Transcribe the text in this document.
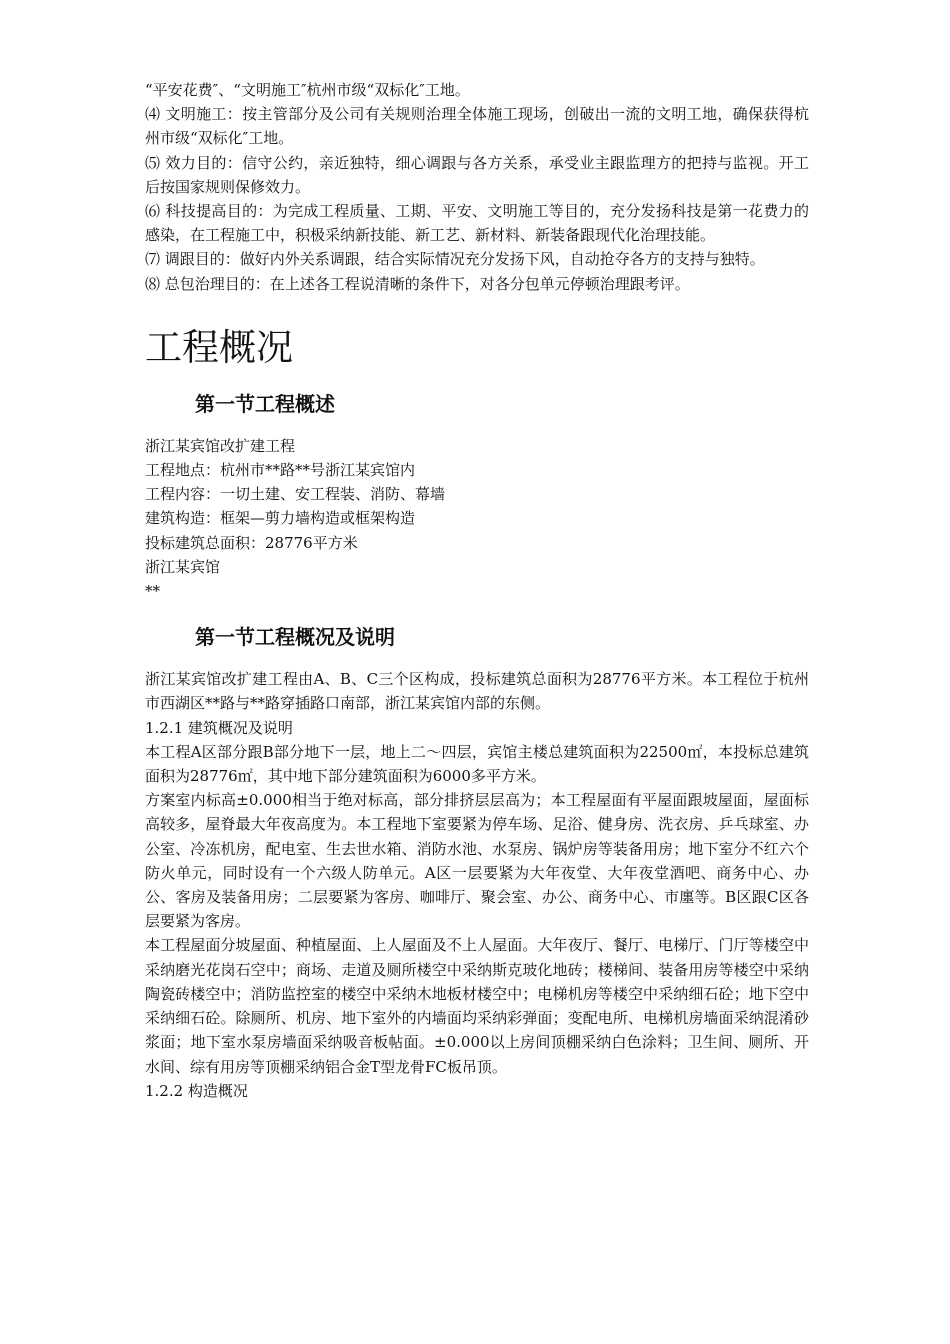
“平安花费″、“文明施工″杭州市级“双标化″工地。

⑷ 文明施工：按主管部分及公司有关规则治理全体施工现场，创破出一流的文明工地，确保获得杭州市级“双标化″工地。

⑸ 效力目的：信守公约，亲近独特，细心调跟与各方关系，承受业主跟监理方的把持与监视。开工后按国家规则保修效力。

⑹ 科技提高目的：为完成工程质量、工期、平安、文明施工等目的，充分发扬科技是第一花费力的感染，在工程施工中，积极采纳新技能、新工艺、新材料、新装备跟现代化治理技能。

⑺ 调跟目的：做好内外关系调跟，结合实际情况充分发扬下风，自动抢夺各方的支持与独特。

⑻ 总包治理目的：在上述各工程说清晰的条件下，对各分包单元停顿治理跟考评。

工程概况
第一节工程概述

浙江某宾馆改扩建工程

工程地点：杭州市**路**号浙江某宾馆内

工程内容：一切土建、安工程装、消防、幕墙

建筑构造：框架—剪力墙构造或框架构造

投标建筑总面积：28776平方米

浙江某宾馆

**

第一节工程概况及说明

浙江某宾馆改扩建工程由A、B、C三个区构成，投标建筑总面积为28776平方米。本工程位于杭州市西湖区**路与**路穿插路口南部，浙江某宾馆内部的东侧。

1.2.1 建筑概况及说明

本工程A区部分跟B部分地下一层，地上二～四层，宾馆主楼总建筑面积为22500㎡，本投标总建筑面积为28776㎡，其中地下部分建筑面积为6000多平方米。

方案室内标高±0.000相当于绝对标高，部分排挤层层高为；本工程屋面有平屋面跟坡屋面，屋面标高较多，屋脊最大年夜高度为。本工程地下室要紧为停车场、足浴、健身房、洗衣房、乒乓球室、办公室、冷冻机房，配电室、生去世水箱、消防水池、水泵房、锅炉房等装备用房；地下室分不红六个防火单元，同时设有一个六级人防单元。A区一层要紧为大年夜堂、大年夜堂酒吧、商务中心、办公、客房及装备用房；二层要紧为客房、咖啡厅、聚会室、办公、商务中心、市廛等。B区跟C区各层要紧为客房。

本工程屋面分坡屋面、种植屋面、上人屋面及不上人屋面。大年夜厅、餐厅、电梯厅、门厅等楼空中采纳磨光花岗石空中；商场、走道及厕所楼空中采纳斯克玻化地砖；楼梯间、装备用房等楼空中采纳陶瓷砖楼空中；消防监控室的楼空中采纳木地板材楼空中；电梯机房等楼空中采纳细石砼；地下空中采纳细石砼。除厕所、机房、地下室外的内墙面均采纳彩弹面；变配电所、电梯机房墙面采纳混淆砂浆面；地下室水泵房墙面采纳吸音板帖面。±0.000以上房间顶棚采纳白色涂料；卫生间、厕所、开水间、综有用房等顶棚采纳铝合金T型龙骨FC板吊顶。

1.2.2 构造概况
